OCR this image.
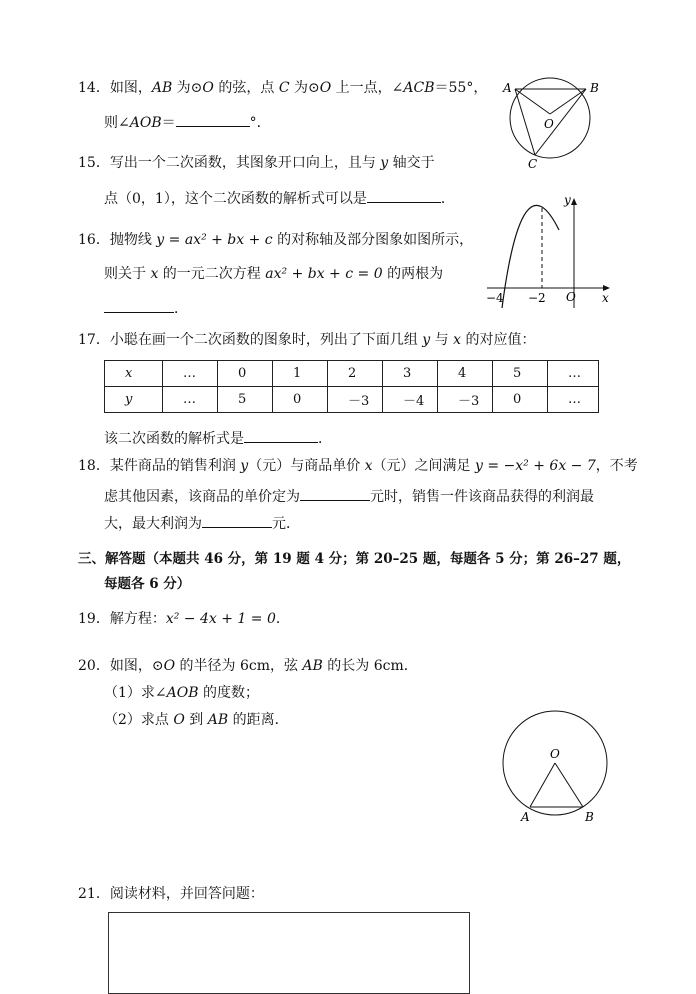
14．如图，AB 为⊙O 的弦，点 C 为⊙O 上一点，∠ACB＝55°，
则∠AOB＝	°．
A	B
O
C
15．写出一个二次函数，其图象开口向上，且与 y 轴交于
点（0，1），这个二次函数的解析式可以是	．
16．抛物线 y = ax² + bx + c 的对称轴及部分图象如图所示，
则关于 x 的一元二次方程 ax² + bx + c = 0 的两根为
．
y
x
O
−4 −2
17．小聪在画一个二次函数的图象时，列出了下面几组 y 与 x 的对应值：
x	…	0	1	2	3	4	5	…
y	…	5	0	－3	－4	－3	0	…
该二次函数的解析式是	．
18．某件商品的销售利润 y（元）与商品单价 x（元）之间满足 y = −x² + 6x − 7，不考
虑其他因素，该商品的单价定为	元时，销售一件该商品获得的利润最
大，最大利润为	元．
三、解答题（本题共 46 分，第 19 题 4 分；第 20–25 题，每题各 5 分；第 26–27 题，
每题各 6 分）
19．解方程：x² − 4x + 1 = 0．
20．如图，⊙O 的半径为 6cm，弦 AB 的长为 6cm．
（1）求∠AOB 的度数；
（2）求点 O 到 AB 的距离．
O
A	B
21．阅读材料，并回答问题：
